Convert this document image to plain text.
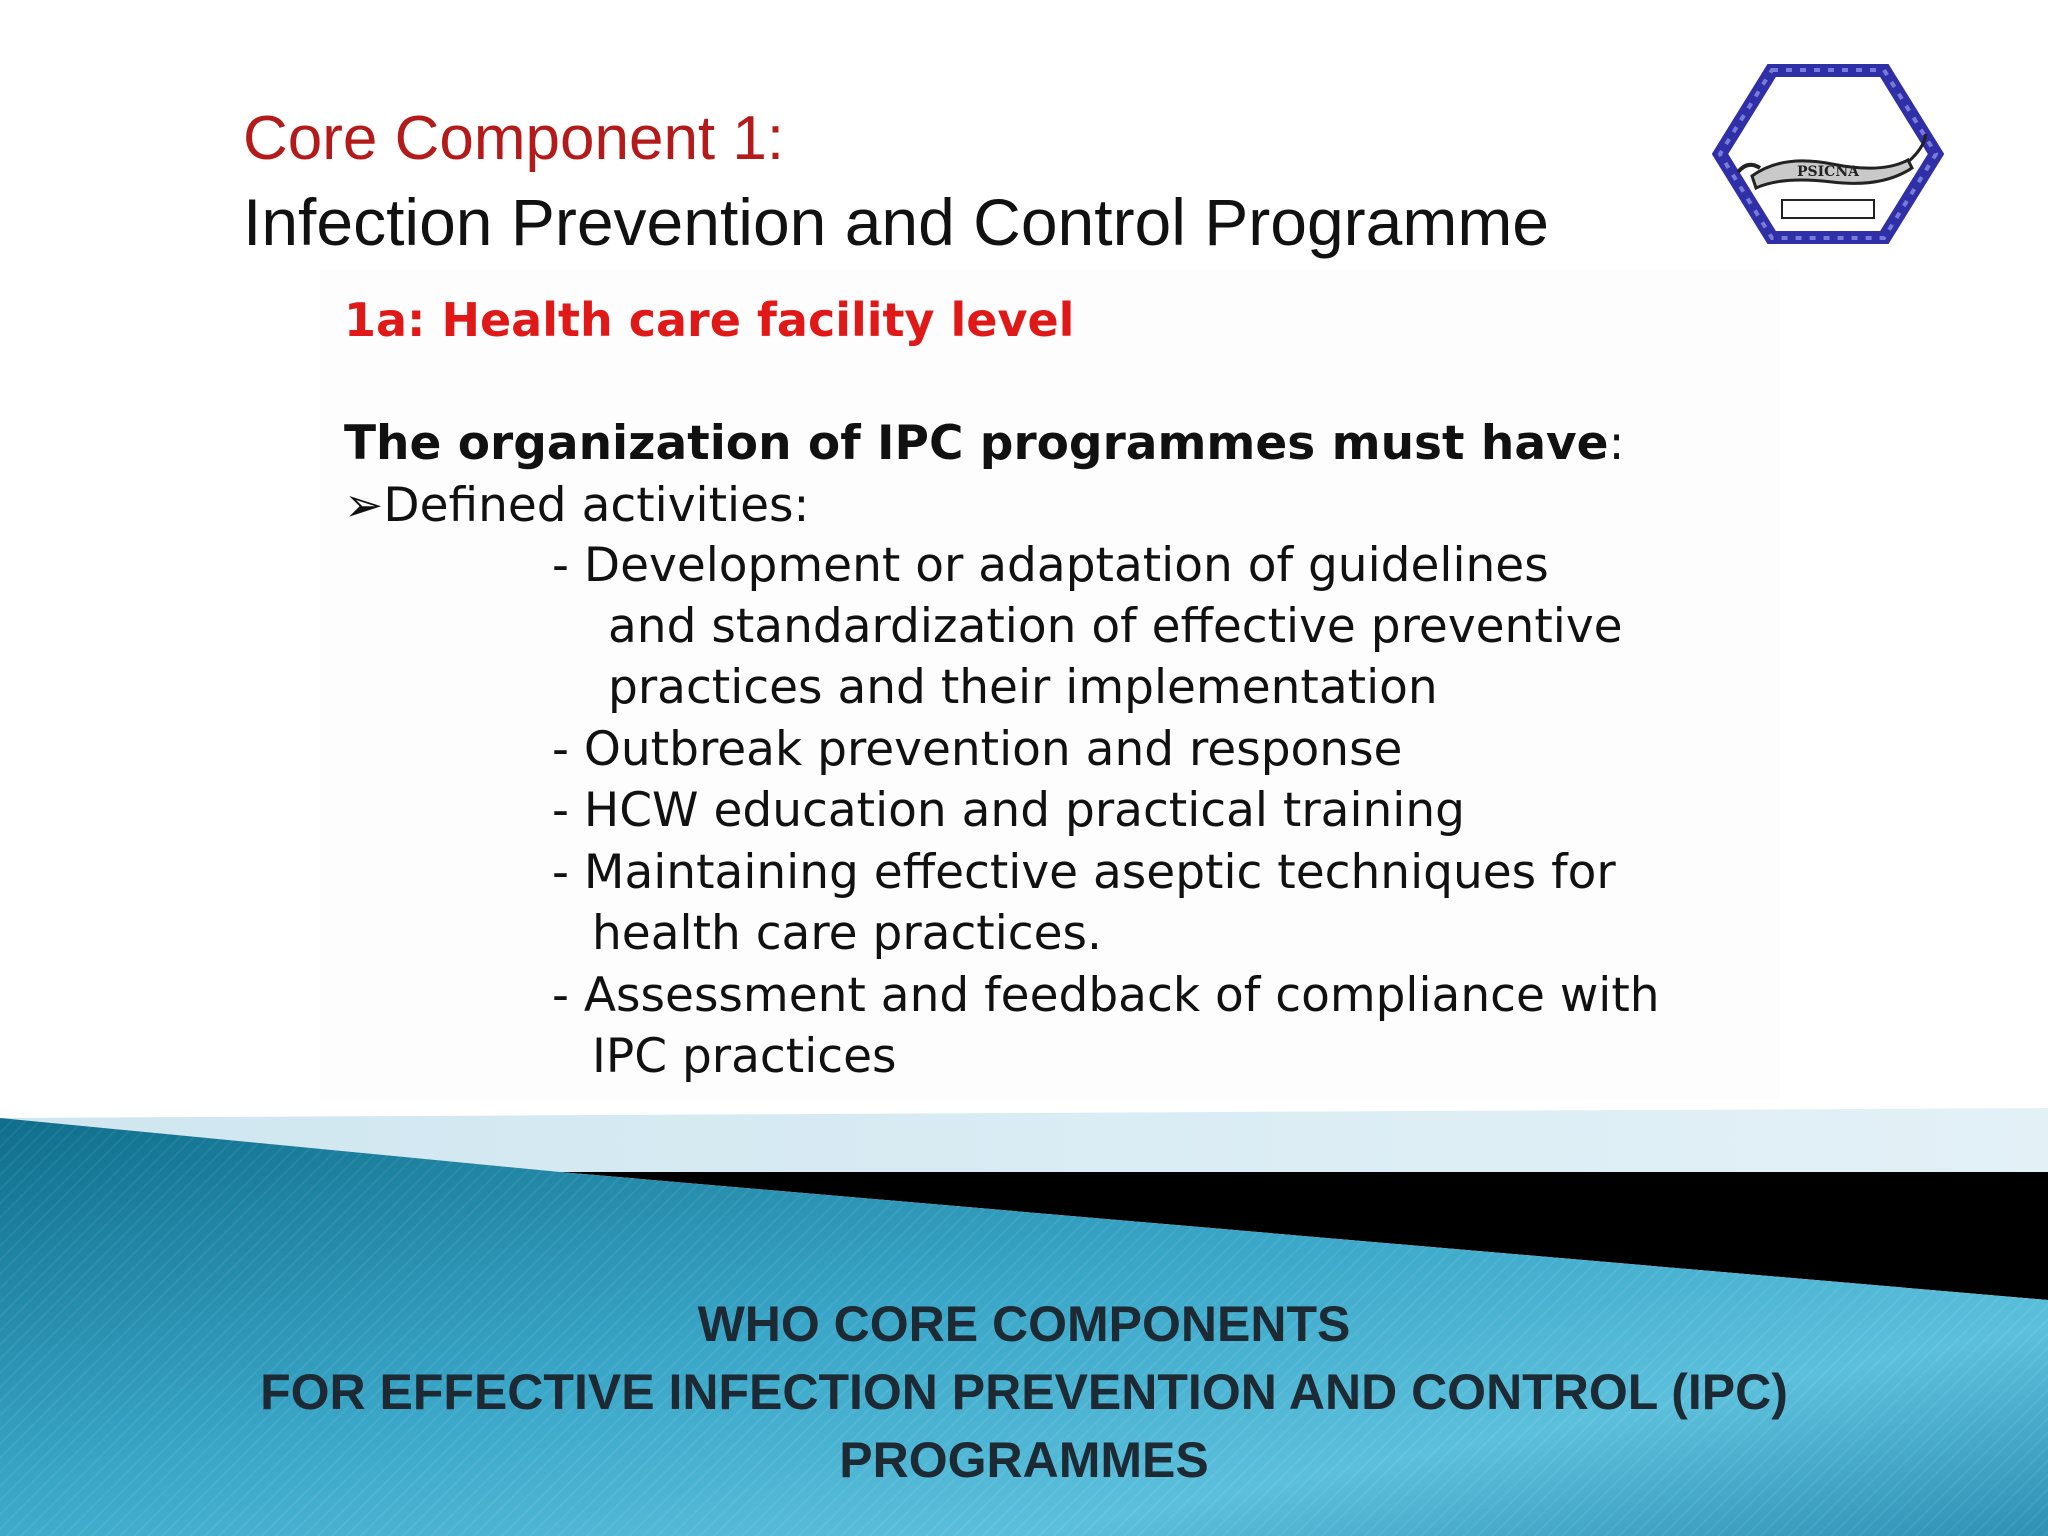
Core Component 1:
Infection Prevention and Control Programme
PSICNA
1a: Health care facility level
The organization of IPC programmes must have:
➢Defined activities:
- Development or adaptation of guidelines
and standardization of effective preventive
practices and their implementation
- Outbreak prevention and response
- HCW education and practical training
- Maintaining effective aseptic techniques for
health care practices.
- Assessment and feedback of compliance with
IPC practices
WHO CORE COMPONENTS
FOR EFFECTIVE INFECTION PREVENTION AND CONTROL (IPC)
PROGRAMMES
